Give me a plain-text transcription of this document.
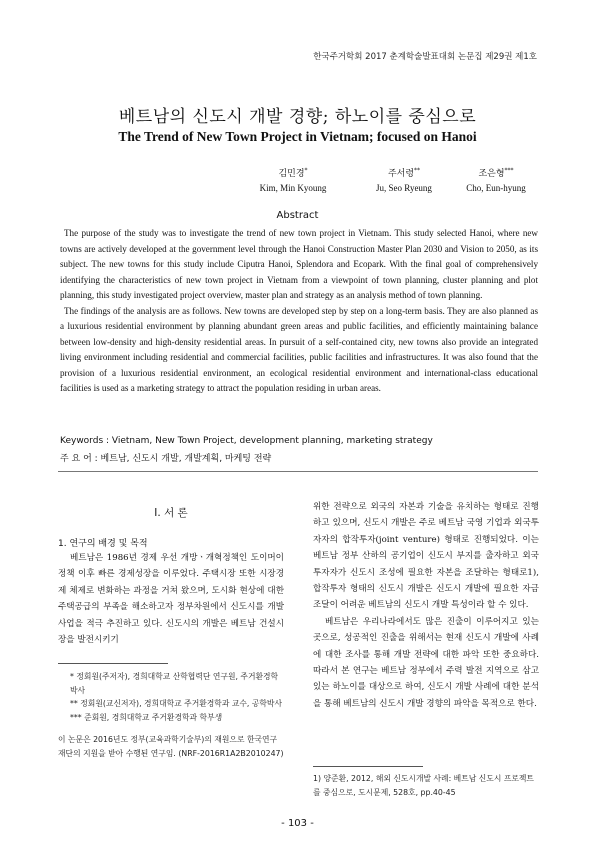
한국주거학회 2017 춘계학술발표대회 논문집 제29권 제1호
베트남의 신도시 개발 경향; 하노이를 중심으로
The Trend of New Town Project in Vietnam; focused on Hanoi
김민경*
Kim, Min Kyoung
주서령**
Ju, Seo Ryeung
조은형***
Cho, Eun-hyung
Abstract

The purpose of the study was to investigate the trend of new town project in Vietnam. This study selected Hanoi, where new towns are actively developed at the government level through the Hanoi Construction Master Plan 2030 and Vision to 2050, as its subject. The new towns for this study include Ciputra Hanoi, Splendora and Ecopark. With the final goal of comprehensively identifying the characteristics of new town project in Vietnam from a viewpoint of town planning, cluster planning and plot planning, this study investigated project overview, master plan and strategy as an analysis method of town planning.

The findings of the analysis are as follows. New towns are developed step by step on a long-term basis. They are also planned as a luxurious residential environment by planning abundant green areas and public facilities, and efficiently maintaining balance between low-density and high-density residential areas. In pursuit of a self-contained city, new towns also provide an integrated living environment including residential and commercial facilities, public facilities and infrastructures. It was also found that the provision of a luxurious residential environment, an ecological residential environment and international-class educational facilities is used as a marketing strategy to attract the population residing in urban areas.

Keywords : Vietnam, New Town Project, development planning, marketing strategy
주 요 어 : 베트남, 신도시 개발, 개발계획, 마케팅 전략
I. 서 론
1. 연구의 배경 및 목적

베트남은 1986년 경제 우선 개방ㆍ개혁정책인 도이머이 정책 이후 빠른 경제성장을 이루었다. 주택시장 또한 시장경제 체제로 변화하는 과정을 거쳐 왔으며, 도시화 현상에 대한 주택공급의 부족을 해소하고자 정부차원에서 신도시를 개발 사업을 적극 추진하고 있다. 신도시의 개발은 베트남 건설시장을 발전시키기

* 정회원(주저자), 경희대학교 산학협력단 연구원, 주거환경학박사
** 정회원(교신저자), 경희대학교 주거환경학과 교수, 공학박사
*** 준회원, 경희대학교 주거환경학과 학부생
이 논문은 2016년도 정부(교육과학기술부)의 재원으로 한국연구재단의 지원을 받아 수행된 연구임. (NRF-2016R1A2B2010247)

위한 전략으로 외국의 자본과 기술을 유치하는 형태로 진행하고 있으며, 신도시 개발은 주로 베트남 국영 기업과 외국투자자의 합작투자(joint venture) 형태로 진행되었다. 이는 베트남 정부 산하의 공기업이 신도시 부지를 출자하고 외국투자자가 신도시 조성에 필요한 자본을 조달하는 형태로1), 합작투자 형태의 신도시 개발은 신도시 개발에 필요한 자금 조달이 어려운 베트남의 신도시 개발 특성이라 할 수 있다.

베트남은 우리나라에서도 많은 진출이 이루어지고 있는 곳으로, 성공적인 진출을 위해서는 현재 신도시 개발에 사례에 대한 조사를 통해 개발 전략에 대한 파악 또한 중요하다. 따라서 본 연구는 베트남 정부에서 주력 발전 지역으로 삼고 있는 하노이를 대상으로 하여, 신도시 개발 사례에 대한 분석을 통해 베트남의 신도시 개발 경향의 파악을 목적으로 한다.

1) 양준환, 2012, 해외 신도시개발 사례: 베트남 신도시 프로젝트를 중심으로, 도시문제, 528호, pp.40-45
- 103 -
